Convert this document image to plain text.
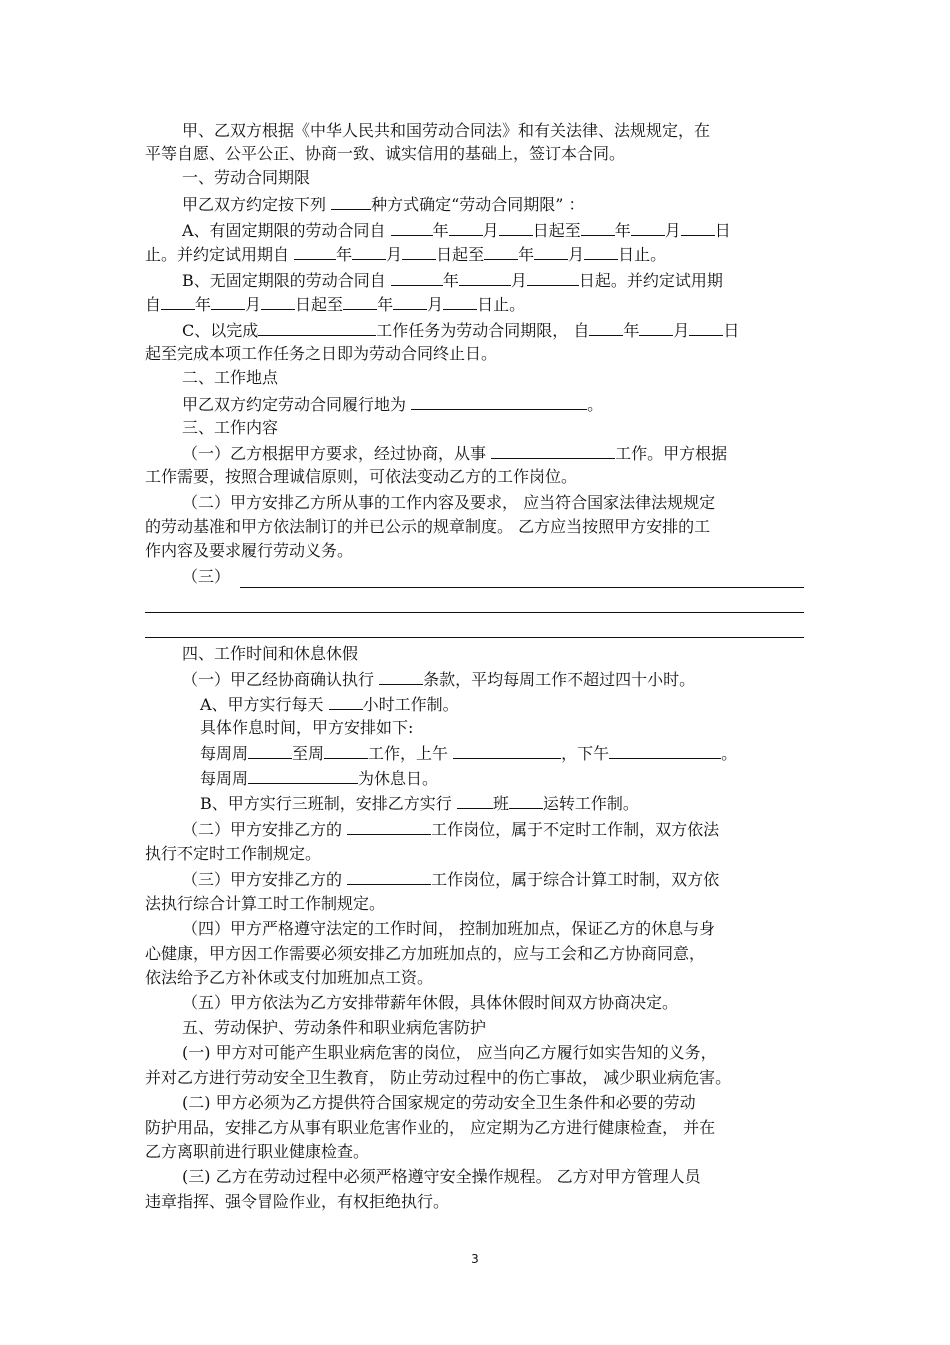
甲、乙双方根据《中华人民共和国劳动合同法》和有关法律、法规规定，在
平等自愿、公平公正、协商一致、诚实信用的基础上，签订本合同。
一、劳动合同期限
甲乙双方约定按下列	种方式确定“劳动合同期限” ：
A、有固定期限的劳动合同自	年 月 日起至 年 月 日
止。并约定试用期自	年 月 日起至 年 月 日止。
B、无固定期限的劳动合同自	年	月	日起。并约定试用期
自 年 月 日起至 年 月 日止。
C、以完成	工作任务为劳动合同期限， 自 年 月 日
起至完成本项工作任务之日即为劳动合同终止日。
二、工作地点
甲乙双方约定劳动合同履行地为	。
三、工作内容
（一）乙方根据甲方要求，经过协商，从事	工作。甲方根据
工作需要，按照合理诚信原则，可依法变动乙方的工作岗位。
（二）甲方安排乙方所从事的工作内容及要求， 应当符合国家法律法规规定
的劳动基准和甲方依法制订的并已公示的规章制度。 乙方应当按照甲方安排的工
作内容及要求履行劳动义务。
（三）
四、工作时间和休息休假
（一）甲乙经协商确认执行	条款，平均每周工作不超过四十小时。
A、甲方实行每天 小时工作制。
具体作息时间，甲方安排如下:
每周周	至周	工作，上午	，下午	。
每周周	为休息日。
B、甲方实行三班制，安排乙方实行 班 运转工作制。
（二）甲方安排乙方的	工作岗位，属于不定时工作制，双方依法
执行不定时工作制规定。
（三）甲方安排乙方的	工作岗位，属于综合计算工时制，双方依
法执行综合计算工时工作制规定。
（四）甲方严格遵守法定的工作时间， 控制加班加点，保证乙方的休息与身
心健康，甲方因工作需要必须安排乙方加班加点的，应与工会和乙方协商同意，
依法给予乙方补休或支付加班加点工资。
（五）甲方依法为乙方安排带薪年休假，具体休假时间双方协商决定。
五、劳动保护、劳动条件和职业病危害防护
(一) 甲方对可能产生职业病危害的岗位， 应当向乙方履行如实告知的义务，
并对乙方进行劳动安全卫生教育， 防止劳动过程中的伤亡事故， 减少职业病危害。
(二) 甲方必须为乙方提供符合国家规定的劳动安全卫生条件和必要的劳动
防护用品，安排乙方从事有职业危害作业的， 应定期为乙方进行健康检查， 并在
乙方离职前进行职业健康检查。
(三) 乙方在劳动过程中必须严格遵守安全操作规程。 乙方对甲方管理人员
违章指挥、强令冒险作业，有权拒绝执行。
3
